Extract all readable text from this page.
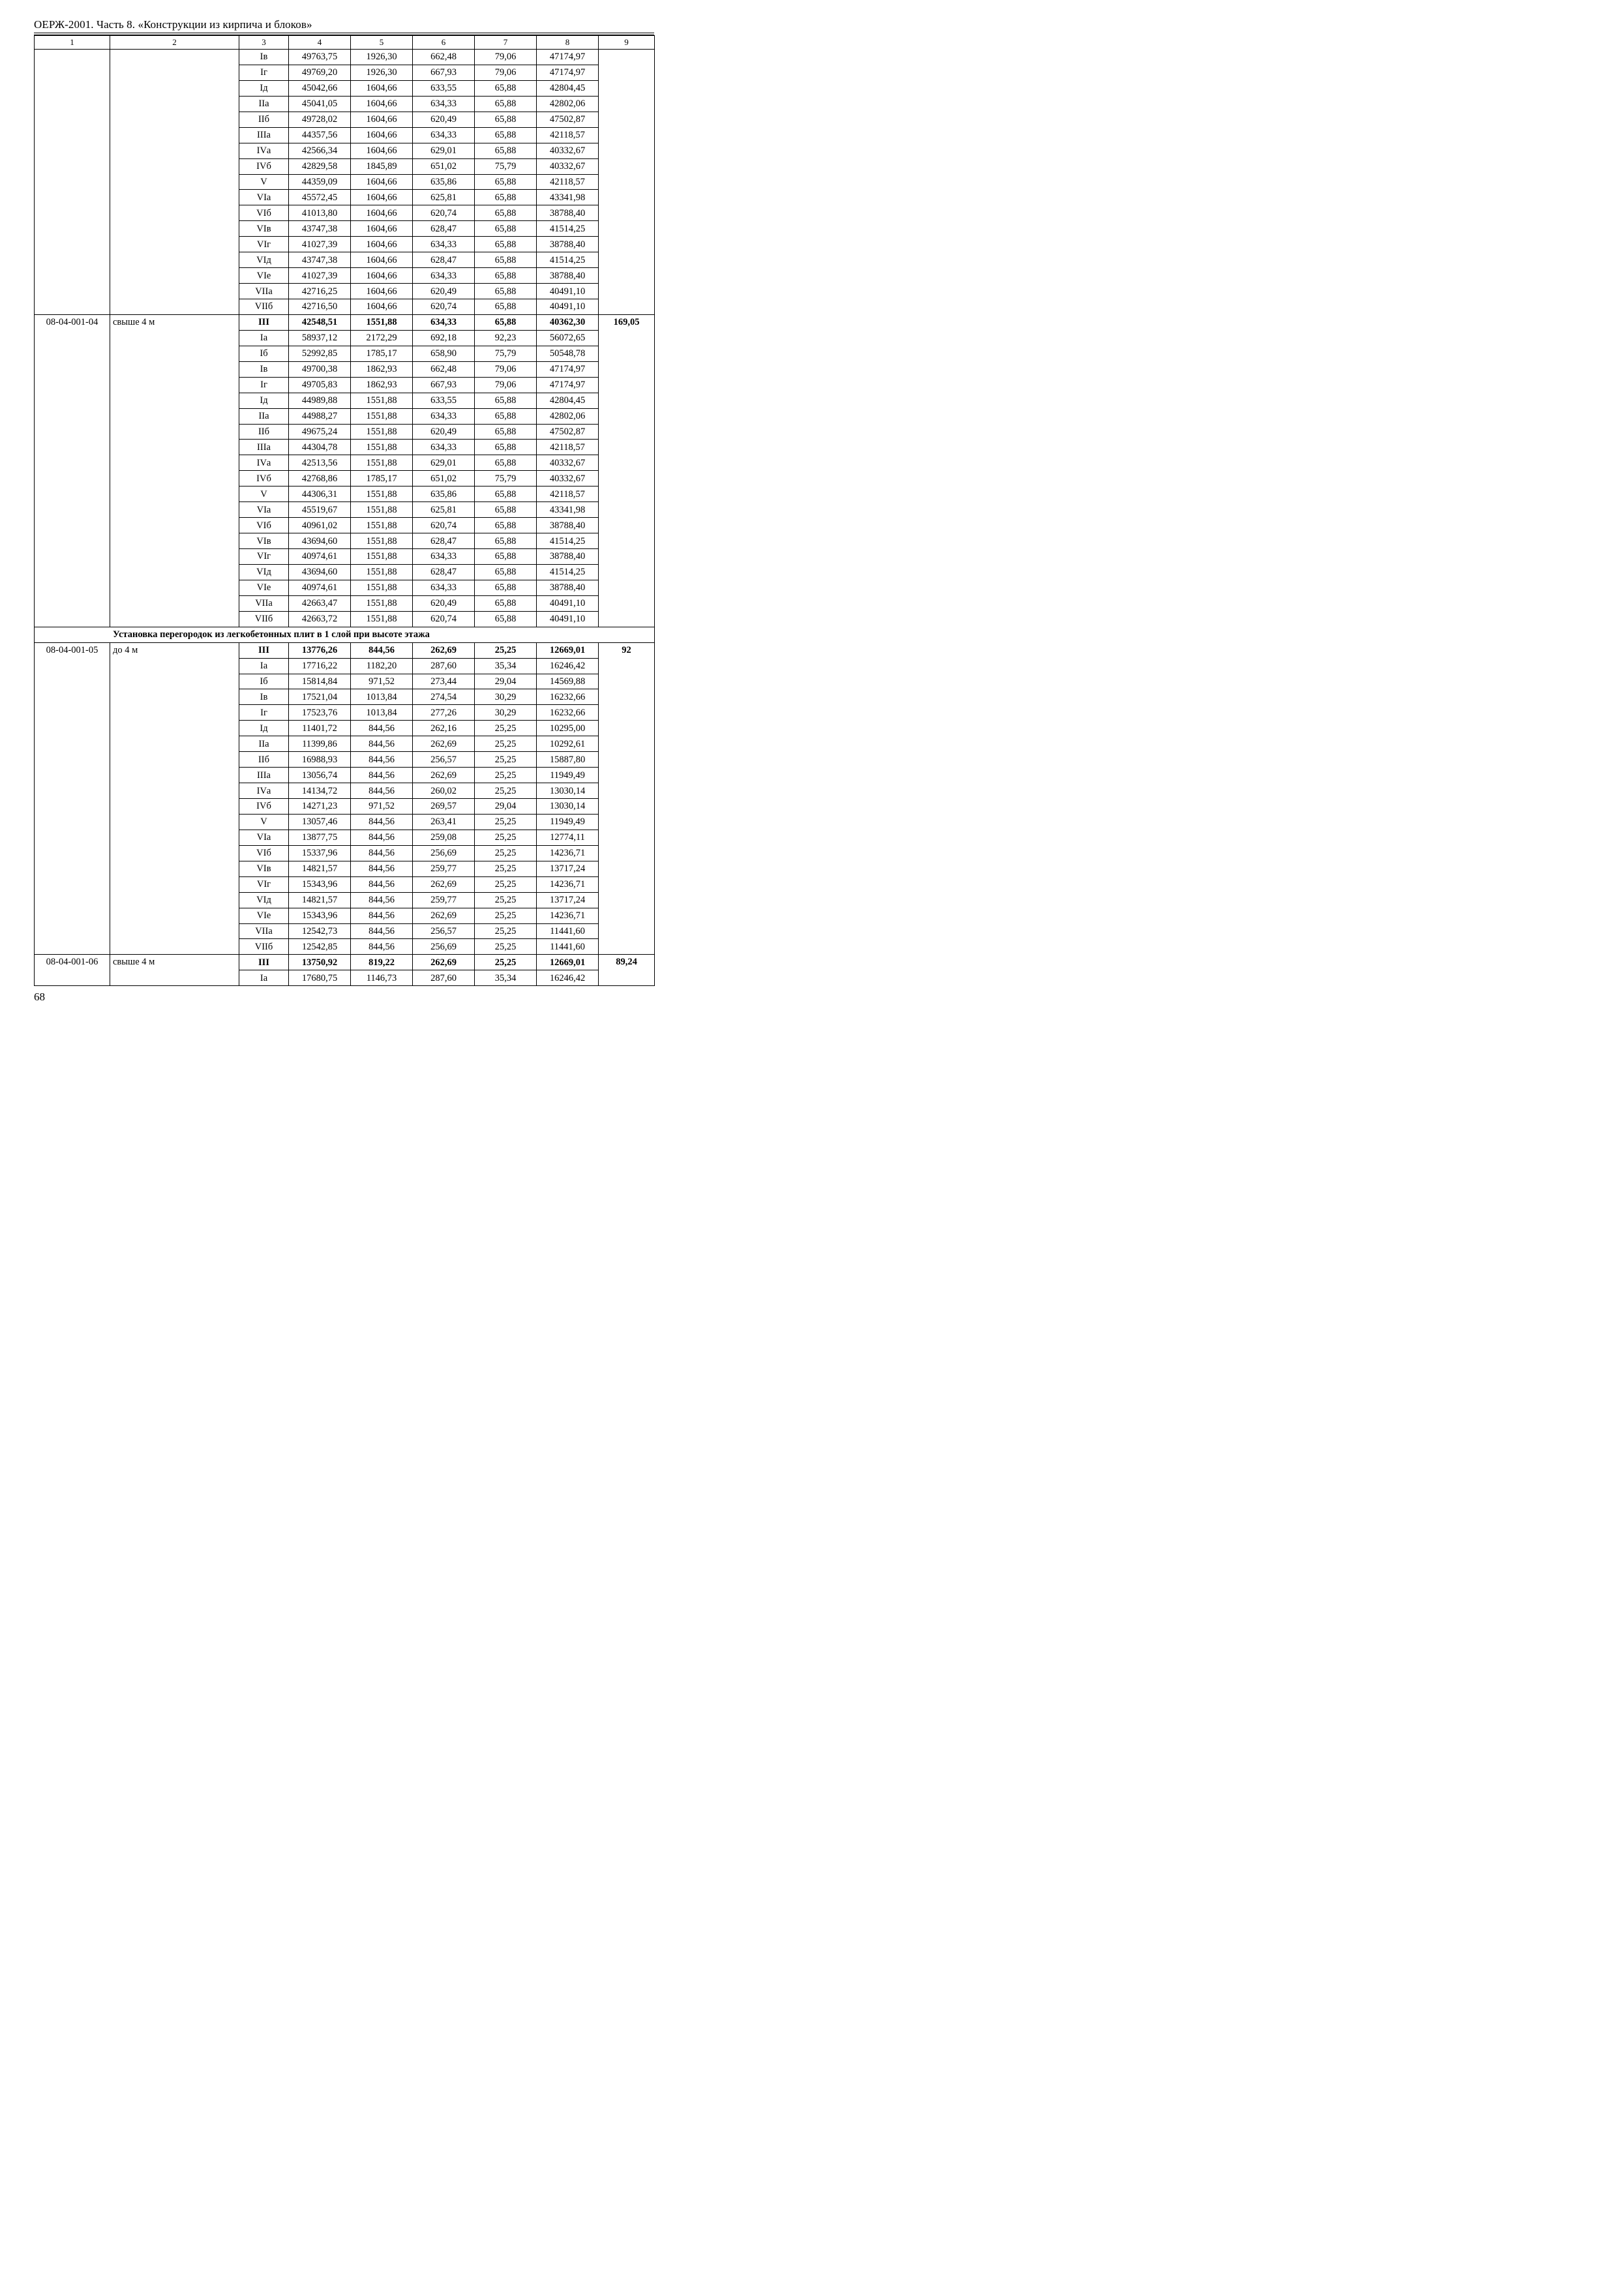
ОЕРЖ-2001. Часть 8. «Конструкции из кирпича и блоков»
1	2	3	4	5	6	7	8	9
		Iв	49763,75	1926,30	662,48	79,06	47174,97	
		Iг	49769,20	1926,30	667,93	79,06	47174,97	
		Iд	45042,66	1604,66	633,55	65,88	42804,45	
		IIа	45041,05	1604,66	634,33	65,88	42802,06	
		IIб	49728,02	1604,66	620,49	65,88	47502,87	
		IIIа	44357,56	1604,66	634,33	65,88	42118,57	
		IVа	42566,34	1604,66	629,01	65,88	40332,67	
		IVб	42829,58	1845,89	651,02	75,79	40332,67	
		V	44359,09	1604,66	635,86	65,88	42118,57	
		VIа	45572,45	1604,66	625,81	65,88	43341,98	
		VIб	41013,80	1604,66	620,74	65,88	38788,40	
		VIв	43747,38	1604,66	628,47	65,88	41514,25	
		VIг	41027,39	1604,66	634,33	65,88	38788,40	
		VIд	43747,38	1604,66	628,47	65,88	41514,25	
		VIе	41027,39	1604,66	634,33	65,88	38788,40	
		VIIа	42716,25	1604,66	620,49	65,88	40491,10	
		VIIб	42716,50	1604,66	620,74	65,88	40491,10	
08-04-001-04	свыше 4 м	III	42548,51	1551,88	634,33	65,88	40362,30	169,05
		Iа	58937,12	2172,29	692,18	92,23	56072,65	
		Iб	52992,85	1785,17	658,90	75,79	50548,78	
		Iв	49700,38	1862,93	662,48	79,06	47174,97	
		Iг	49705,83	1862,93	667,93	79,06	47174,97	
		Iд	44989,88	1551,88	633,55	65,88	42804,45	
		IIа	44988,27	1551,88	634,33	65,88	42802,06	
		IIб	49675,24	1551,88	620,49	65,88	47502,87	
		IIIа	44304,78	1551,88	634,33	65,88	42118,57	
		IVа	42513,56	1551,88	629,01	65,88	40332,67	
		IVб	42768,86	1785,17	651,02	75,79	40332,67	
		V	44306,31	1551,88	635,86	65,88	42118,57	
		VIа	45519,67	1551,88	625,81	65,88	43341,98	
		VIб	40961,02	1551,88	620,74	65,88	38788,40	
		VIв	43694,60	1551,88	628,47	65,88	41514,25	
		VIг	40974,61	1551,88	634,33	65,88	38788,40	
		VIд	43694,60	1551,88	628,47	65,88	41514,25	
		VIе	40974,61	1551,88	634,33	65,88	38788,40	
		VIIа	42663,47	1551,88	620,49	65,88	40491,10	
		VIIб	42663,72	1551,88	620,74	65,88	40491,10	
Установка перегородок из легкобетонных плит в 1 слой при высоте этажа								
08-04-001-05	до 4 м	III	13776,26	844,56	262,69	25,25	12669,01	92
		Iа	17716,22	1182,20	287,60	35,34	16246,42	
		Iб	15814,84	971,52	273,44	29,04	14569,88	
		Iв	17521,04	1013,84	274,54	30,29	16232,66	
		Iг	17523,76	1013,84	277,26	30,29	16232,66	
		Iд	11401,72	844,56	262,16	25,25	10295,00	
		IIа	11399,86	844,56	262,69	25,25	10292,61	
		IIб	16988,93	844,56	256,57	25,25	15887,80	
		IIIа	13056,74	844,56	262,69	25,25	11949,49	
		IVа	14134,72	844,56	260,02	25,25	13030,14	
		IVб	14271,23	971,52	269,57	29,04	13030,14	
		V	13057,46	844,56	263,41	25,25	11949,49	
		VIа	13877,75	844,56	259,08	25,25	12774,11	
		VIб	15337,96	844,56	256,69	25,25	14236,71	
		VIв	14821,57	844,56	259,77	25,25	13717,24	
		VIг	15343,96	844,56	262,69	25,25	14236,71	
		VIд	14821,57	844,56	259,77	25,25	13717,24	
		VIе	15343,96	844,56	262,69	25,25	14236,71	
		VIIа	12542,73	844,56	256,57	25,25	11441,60	
		VIIб	12542,85	844,56	256,69	25,25	11441,60	
08-04-001-06	свыше 4 м	III	13750,92	819,22	262,69	25,25	12669,01	89,24
		Iа	17680,75	1146,73	287,60	35,34	16246,42	
68
